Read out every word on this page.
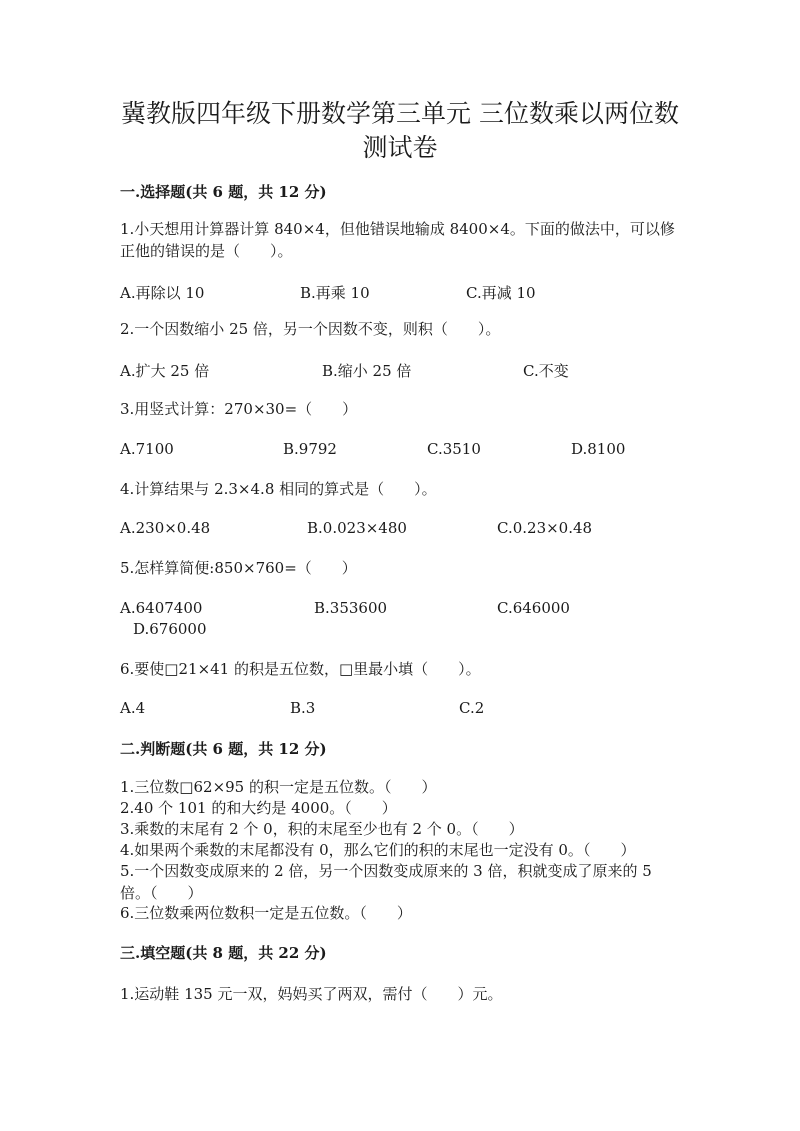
冀教版四年级下册数学第三单元 三位数乘以两位数
测试卷
一.选择题(共 6 题，共 12 分)
1.小天想用计算器计算 840×4，但他错误地输成 8400×4。下面的做法中，可以修正他的错误的是（　　）。
A.再除以 10	B.再乘 10	C.再减 10
2.一个因数缩小 25 倍，另一个因数不变，则积（　　）。
A.扩大 25 倍	B.缩小 25 倍	C.不变
3.用竖式计算：270×30=（　　）
A.7100	B.9792	C.3510	D.8100
4.计算结果与 2.3×4.8 相同的算式是（　　）。
A.230×0.48	B.0.023×480	C.0.23×0.48
5.怎样算简便:850×760=（　　）
A.6407400	B.353600	C.646000
D.676000
6.要使□21×41 的积是五位数，□里最小填（　　）。
A.4	B.3	C.2
二.判断题(共 6 题，共 12 分)
1.三位数□62×95 的积一定是五位数。（　　）
2.40 个 101 的和大约是 4000。（　　）
3.乘数的末尾有 2 个 0，积的末尾至少也有 2 个 0。（　　）
4.如果两个乘数的末尾都没有 0，那么它们的积的末尾也一定没有 0。（　　）
5.一个因数变成原来的 2 倍，另一个因数变成原来的 3 倍，积就变成了原来的 5 倍。（　　）
6.三位数乘两位数积一定是五位数。（　　）
三.填空题(共 8 题，共 22 分)
1.运动鞋 135 元一双，妈妈买了两双，需付（　　）元。
